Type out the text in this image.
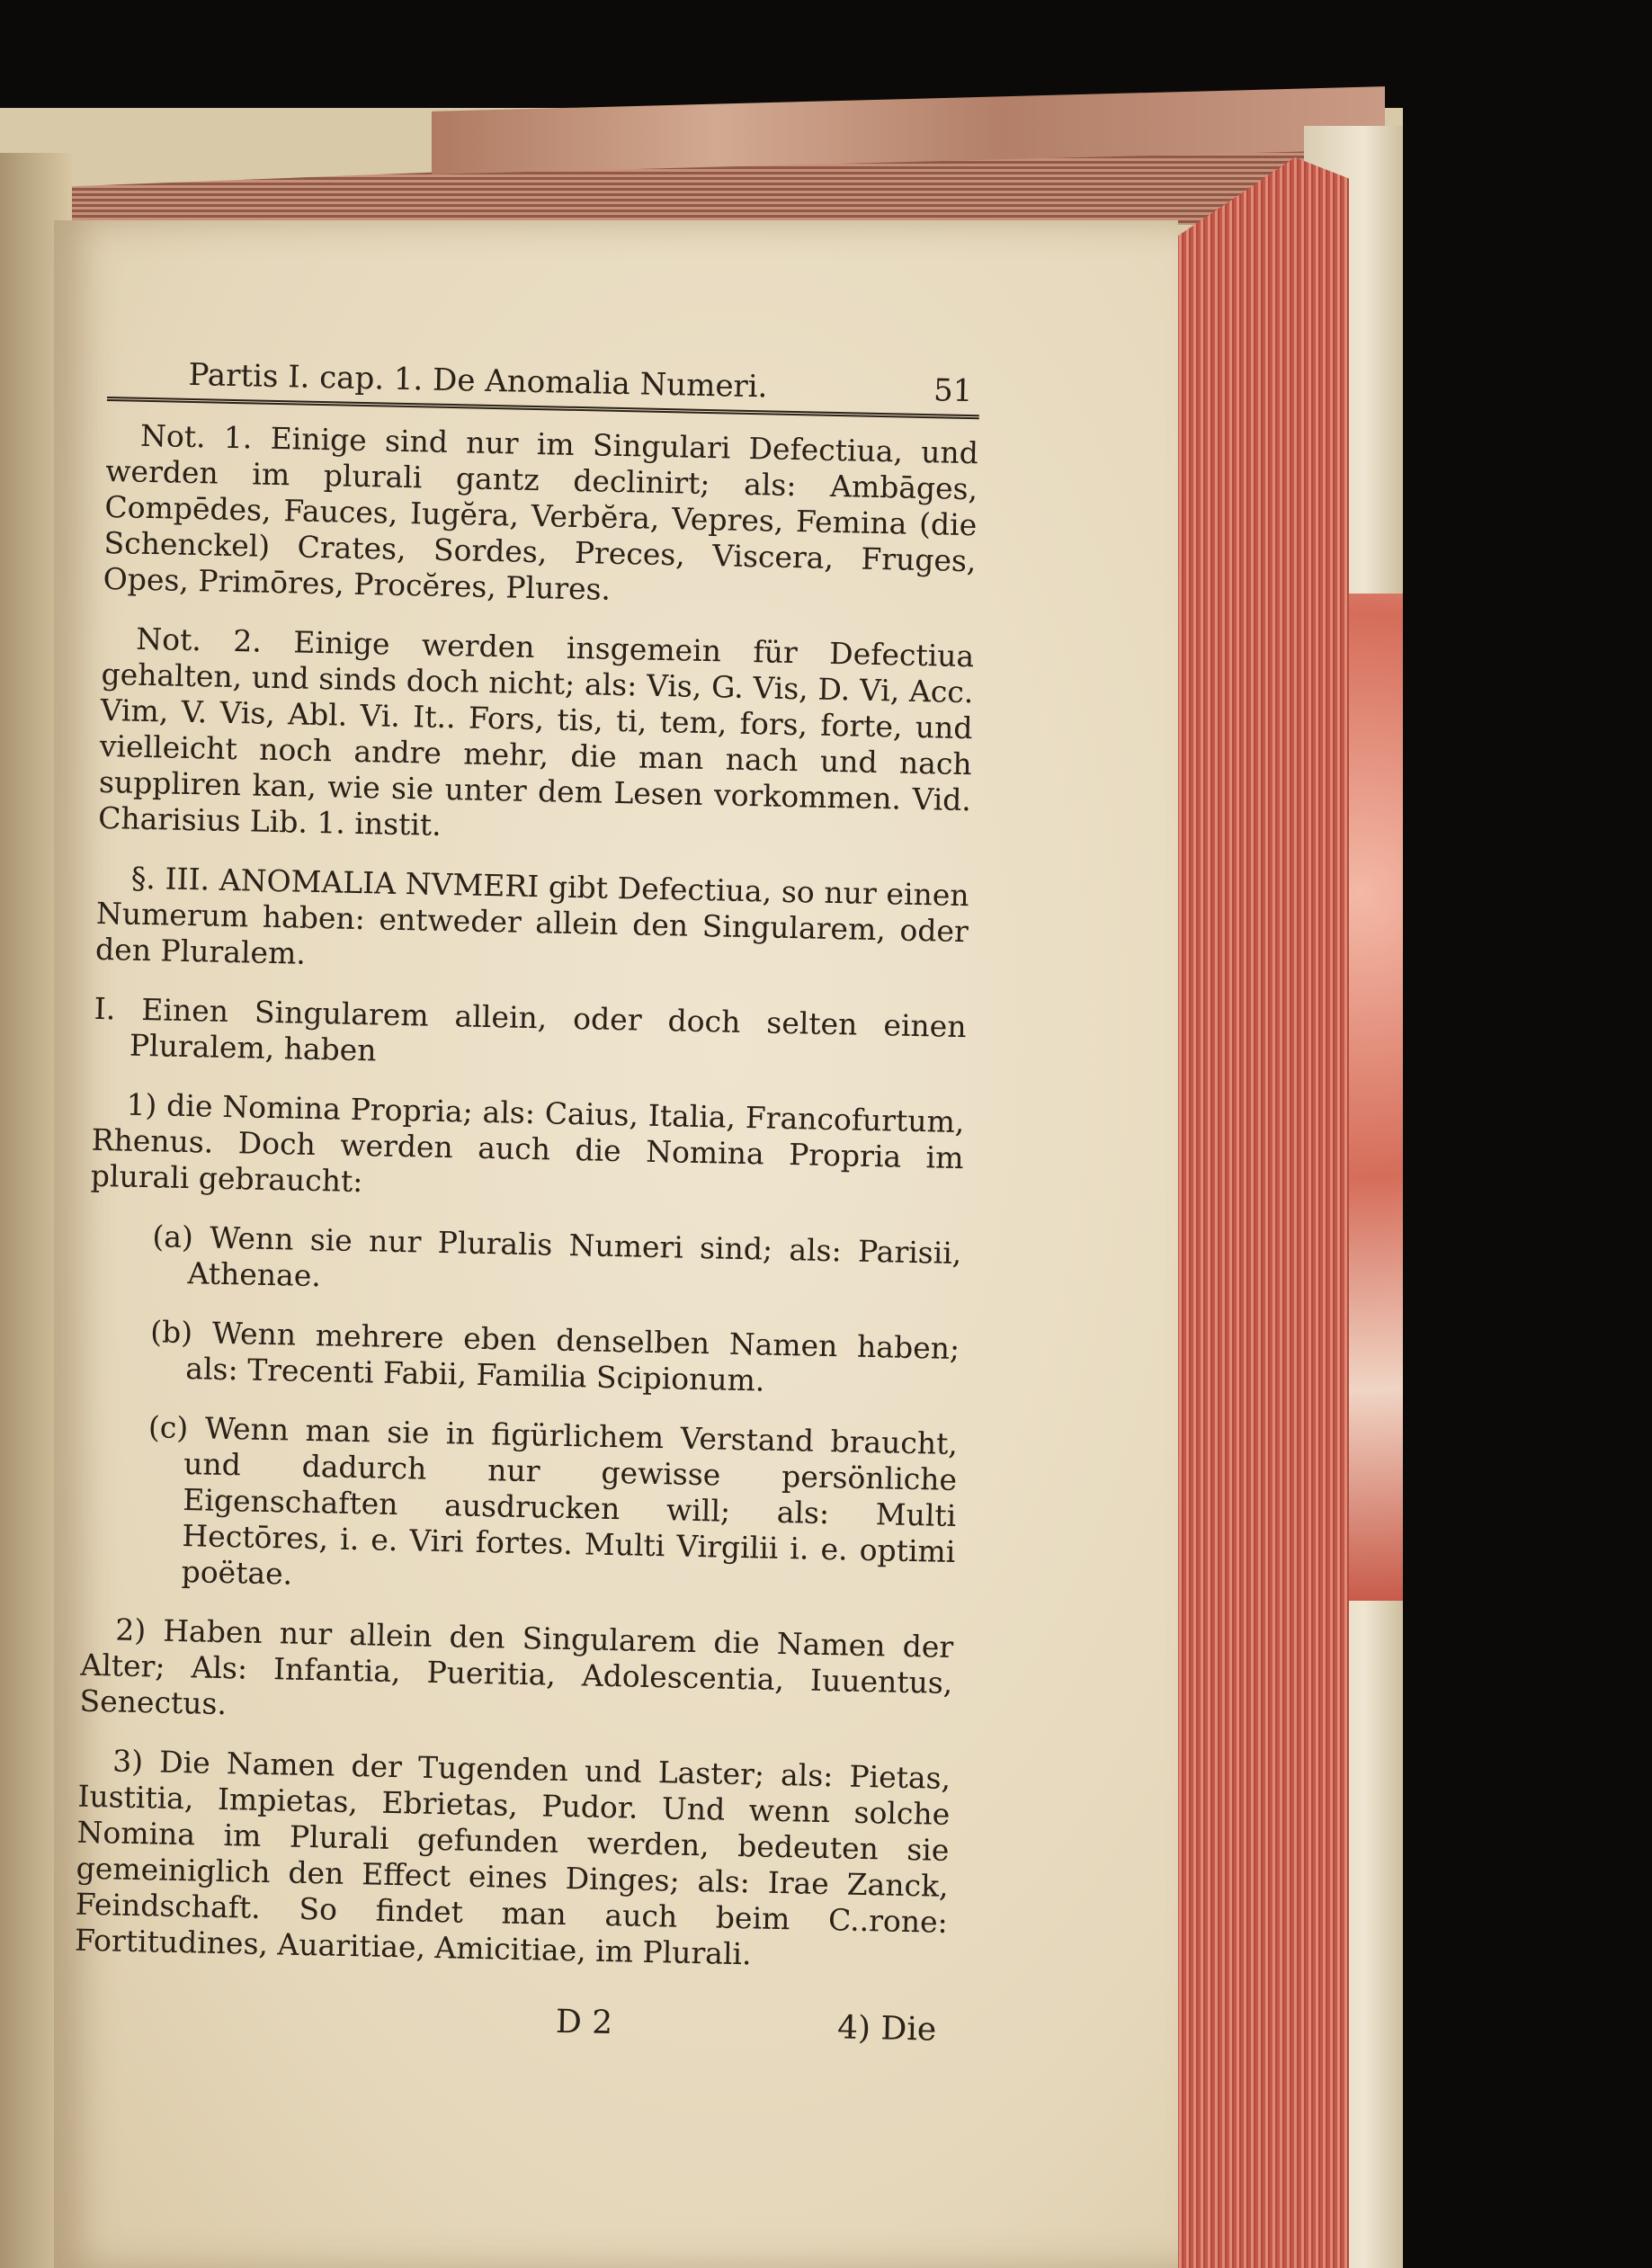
Partis I. cap. 1. De Anomalia Numeri.	51

Not. 1. Einige sind nur im Singulari Defectiua, und werden im plurali gantz declinirt; als: Ambāges, Compēdes, Fauces, Iugĕra, Verbĕra, Vepres, Femina (die Schenckel) Crates, Sordes, Preces, Viscera, Fruges, Opes, Primōres, Procĕres, Plures.

Not. 2. Einige werden insgemein für Defectiua gehalten, und sinds doch nicht; als: Vis, G. Vis, D. Vi, Acc. Vim, V. Vis, Abl. Vi. It.. Fors, tis, ti, tem, fors, forte, und vielleicht noch andre mehr, die man nach und nach suppliren kan, wie sie unter dem Lesen vorkommen. Vid. Charisius Lib. 1. instit.

§. III. ANOMALIA NVMERI gibt Defectiua, so nur einen Numerum haben: entweder allein den Singularem, oder den Pluralem.

I. Einen Singularem allein, oder doch selten einen Pluralem, haben

1) die Nomina Propria; als: Caius, Italia, Francofurtum, Rhenus. Doch werden auch die Nomina Propria im plurali gebraucht:

(a) Wenn sie nur Pluralis Numeri sind; als: Parisii, Athenae.

(b) Wenn mehrere eben denselben Namen haben; als: Trecenti Fabii, Familia Scipionum.

(c) Wenn man sie in figürlichem Verstand braucht, und dadurch nur gewisse persönliche Eigenschaften ausdrucken will; als: Multi Hectōres, i. e. Viri fortes. Multi Virgilii i. e. optimi poëtae.

2) Haben nur allein den Singularem die Namen der Alter; Als: Infantia, Pueritia, Adolescentia, Iuuentus, Senectus.

3) Die Namen der Tugenden und Laster; als: Pietas, Iustitia, Impietas, Ebrietas, Pudor. Und wenn solche Nomina im Plurali gefunden werden, bedeuten sie gemeiniglich den Effect eines Dinges; als: Irae Zanck, Feindschaft. So findet man auch beim C..rone: Fortitudines, Auaritiae, Amicitiae, im Plurali.

D 2	4) Die
